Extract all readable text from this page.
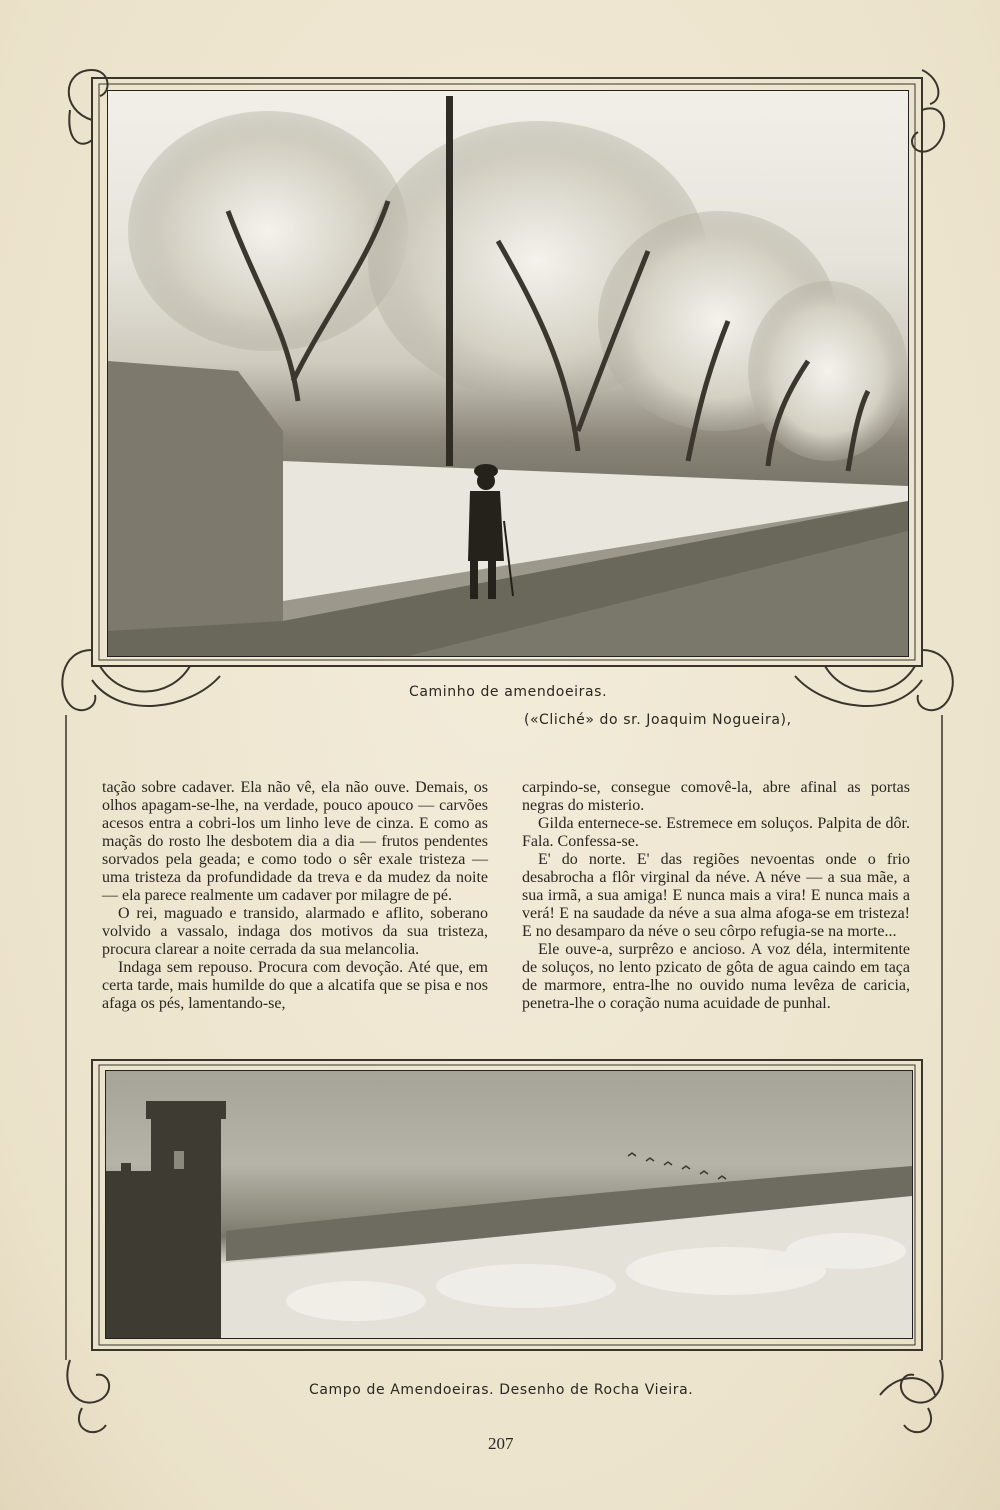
Caminho de amendoeiras.
(«Cliché» do sr. Joaquim Nogueira),

tação sobre cadaver. Ela não vê, ela não ouve. Demais, os olhos apagam-se-lhe, na verdade, pouco apouco — carvões acesos entra a cobri-los um linho leve de cinza. E como as maçãs do rosto lhe desbotem dia a dia — frutos pendentes sorvados pela geada; e como todo o sêr exale tristeza — uma tristeza da profundidade da treva e da mudez da noite — ela parece realmente um cadaver por milagre de pé.

O rei, maguado e transido, alarmado e aflito, soberano volvido a vassalo, indaga dos motivos da sua tristeza, procura clarear a noite cerrada da sua melancolia.

Indaga sem repouso. Procura com devoção. Até que, em certa tarde, mais humilde do que a alcatifa que se pisa e nos afaga os pés, lamentando-se,

carpindo-se, consegue comovê-la, abre afinal as portas negras do misterio.

Gilda enternece-se. Estremece em soluços. Palpita de dôr. Fala. Confessa-se.

E' do norte. E' das regiões nevoentas onde o frio desabrocha a flôr virginal da néve. A néve — a sua mãe, a sua irmã, a sua amiga! E nunca mais a vira! E nunca mais a verá! E na saudade da néve a sua alma afoga-se em tristeza! E no desamparo da néve o seu côrpo refugia-se na morte...

Ele ouve-a, surprêzo e ancioso. A voz déla, intermitente de soluços, no lento pzicato de gôta de agua caindo em taça de marmore, entra-lhe no ouvido numa levêza de caricia, penetra-lhe o coração numa acuidade de punhal.

Campo de Amendoeiras. Desenho de Rocha Vieira.
207
